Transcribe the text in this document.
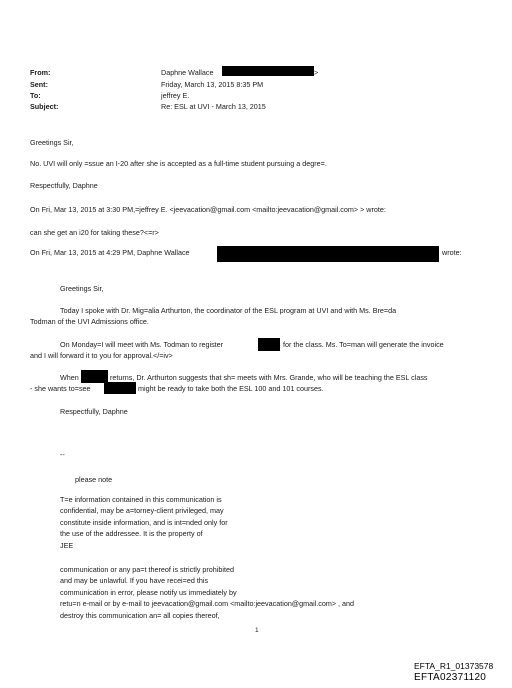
From:	Daphne Wallace	>
Sent:	Friday, March 13, 2015 8:35 PM
To:	jeffrey E.
Subject:	Re: ESL at UVI - March 13, 2015
Greetings Sir,
No. UVI will only =ssue an I-20 after she is accepted as a full-time student pursuing a degre=.
Respectfully, Daphne
On Fri, Mar 13, 2015 at 3:30 PM,=jeffrey E. <jeevacation@gmail.com <mailto:jeevacation@gmail.com> > wrote:
can she get an i20 for taking these?<=r>
On Fri, Mar 13, 2015 at 4:29 PM, Daphne Wallace	wrote:
Greetings Sir,
Today I spoke with Dr. Mig=alia Arthurton, the coordinator of the ESL program at UVI and with Ms. Bre=da
Todman of the UVI Admissions office.
On Monday=I will meet with Ms. Todman to register	for the class. Ms. To=man will generate the invoice
and I will forward it to you for approval.</=iv>
When	returns, Dr. Arthurton suggests that sh= meets with Mrs. Grande, who will be teaching the ESL class
- she wants to=see	might be ready to take both the ESL 100 and 101 courses.
Respectfully, Daphne
--
please note
T=e information contained in this communication is
confidential, may be a=torney-client privileged, may
constitute inside information, and is int=nded only for
the use of the addressee. It is the property of
JEE
communication or any pa=t thereof is strictly prohibited
and may be unlawful. If you have recei=ed this
communication in error, please notify us immediately by
retu=n e-mail or by e-mail to jeevacation@gmail.com <mailto:jeevacation@gmail.com> , and
destroy this communication an= all copies thereof,
1
EFTA_R1_01373578
EFTA02371120
